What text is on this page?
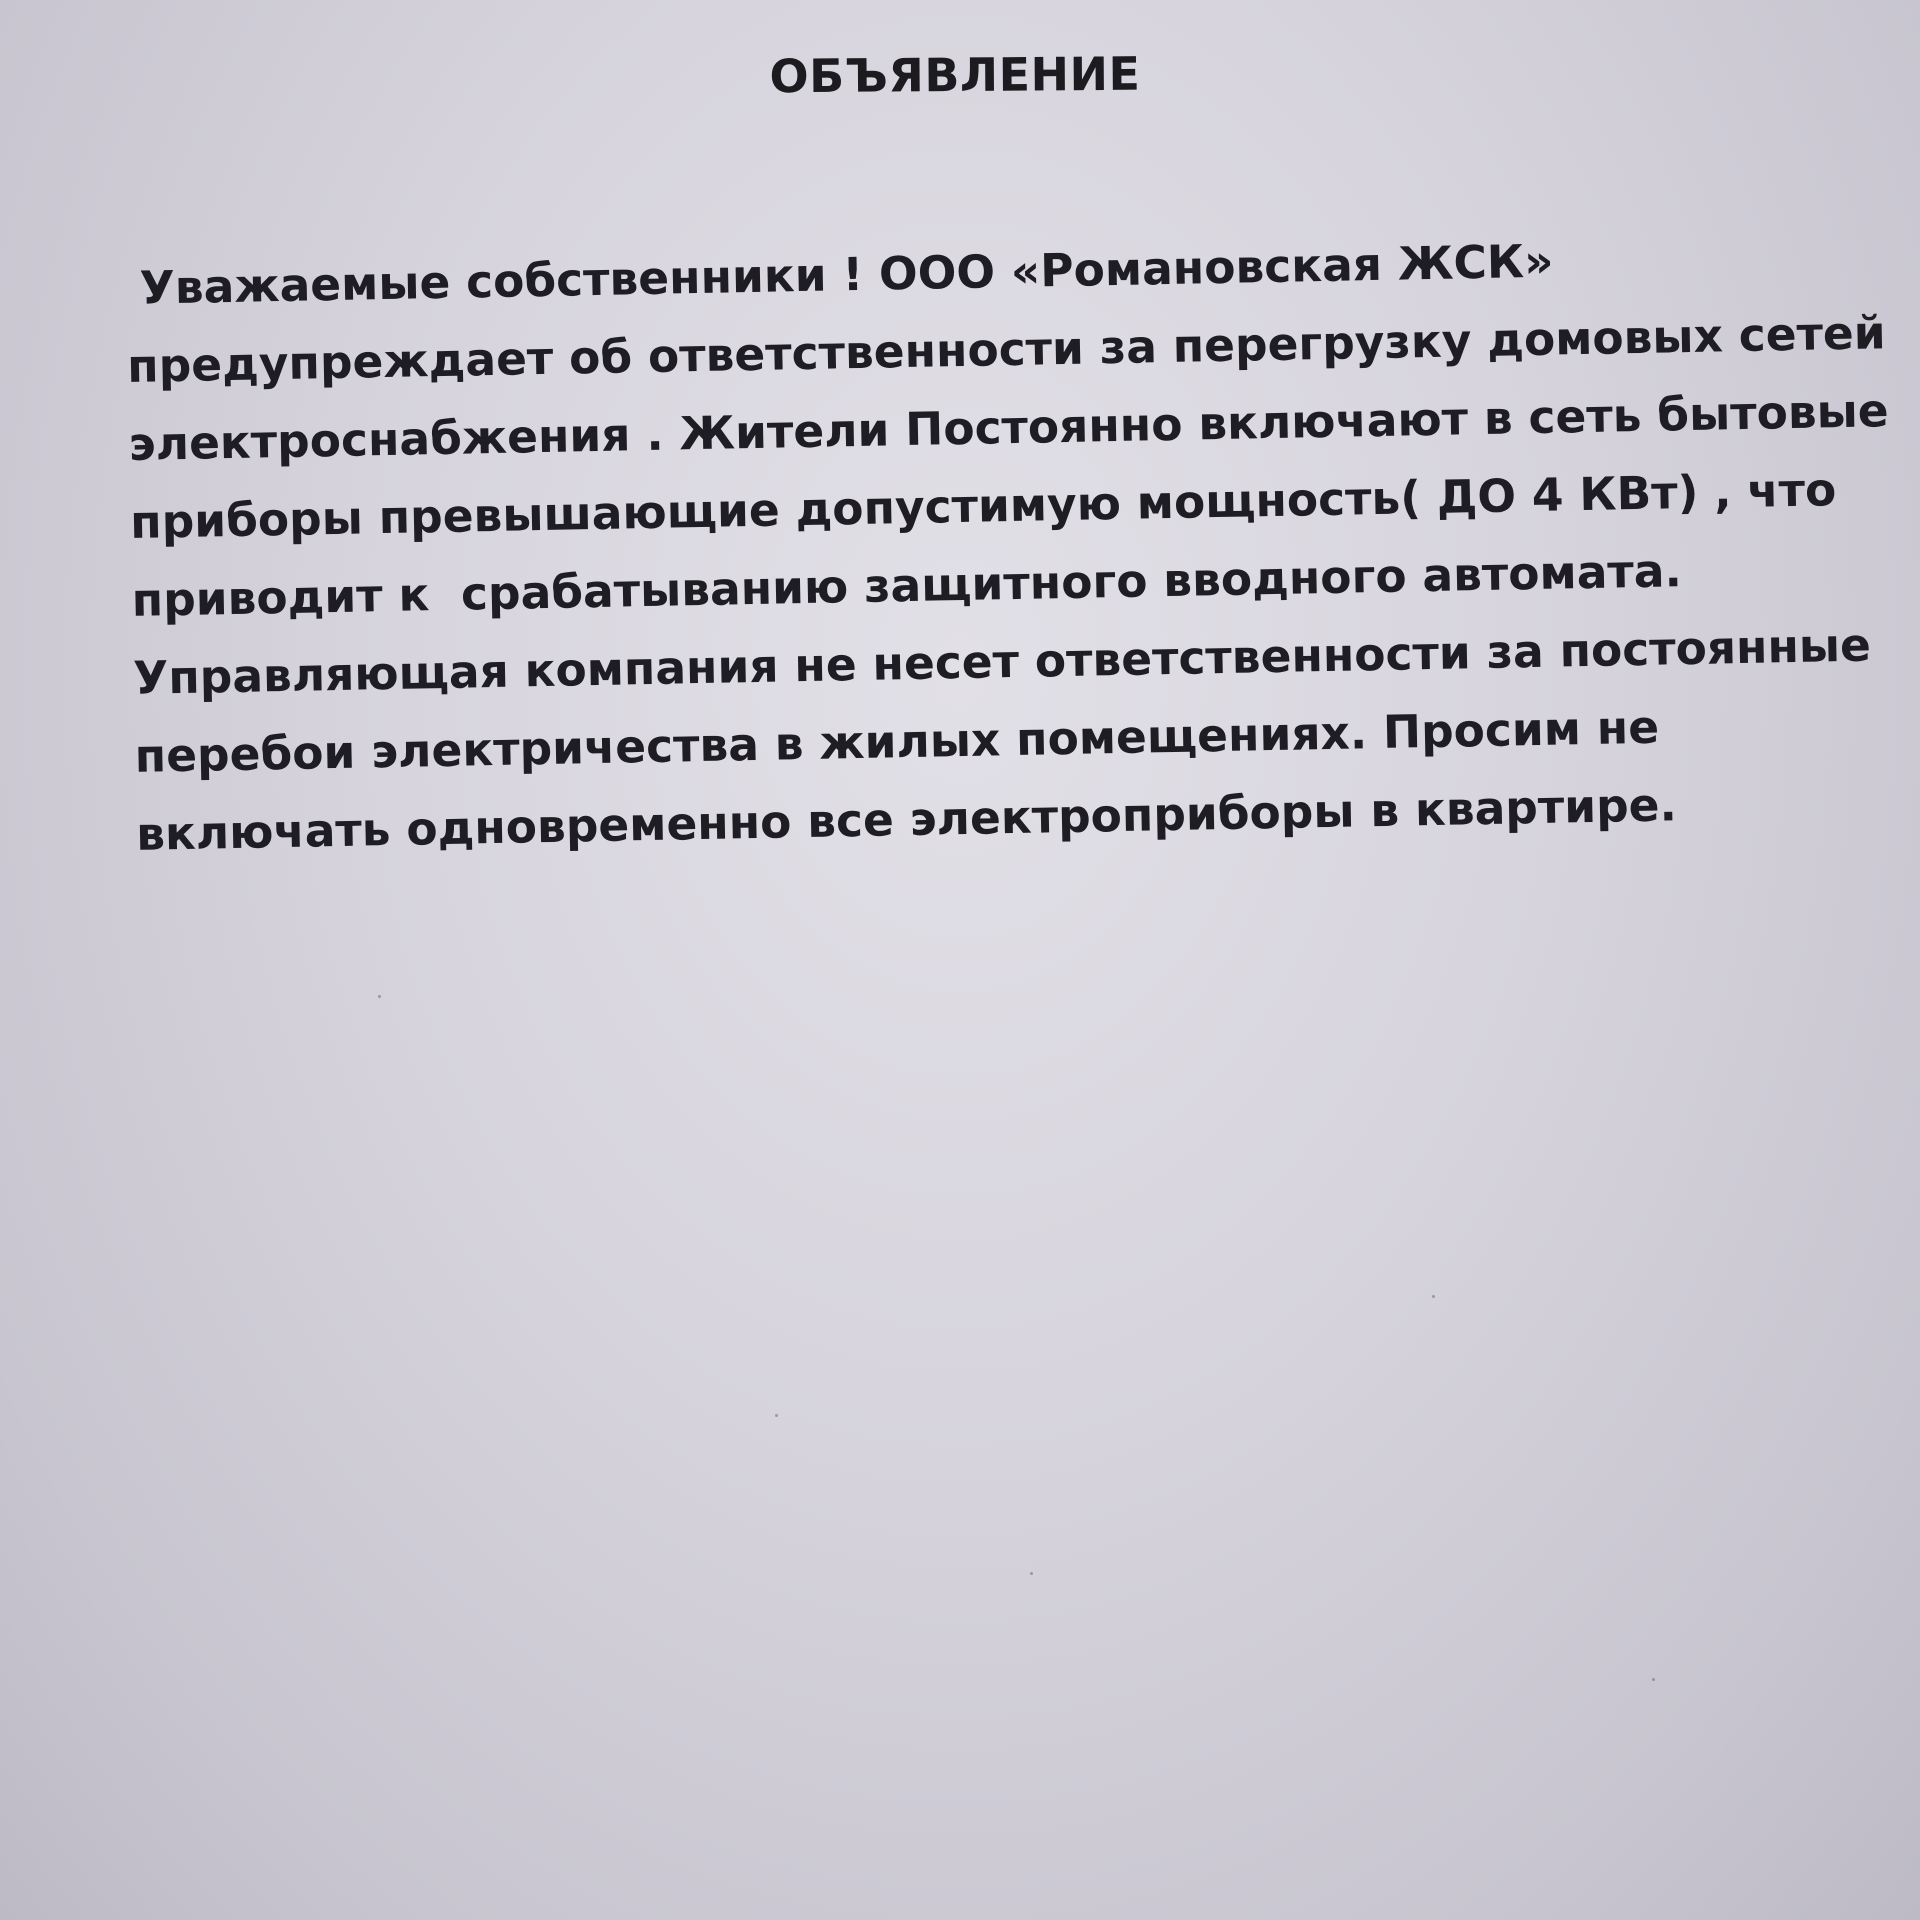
ОБЪЯВЛЕНИЕ
Уважаемые собственники ! ООО «Романовская ЖСК»
предупреждает об ответственности за перегрузку домовых сетей
электроснабжения . Жители Постоянно включают в сеть бытовые
приборы превышающие допустимую мощность( ДО 4 КВт) , что
приводит к  срабатыванию защитного вводного автомата.
Управляющая компания не несет ответственности за постоянные
перебои электричества в жилых помещениях. Просим не
включать одновременно все электроприборы в квартире.
